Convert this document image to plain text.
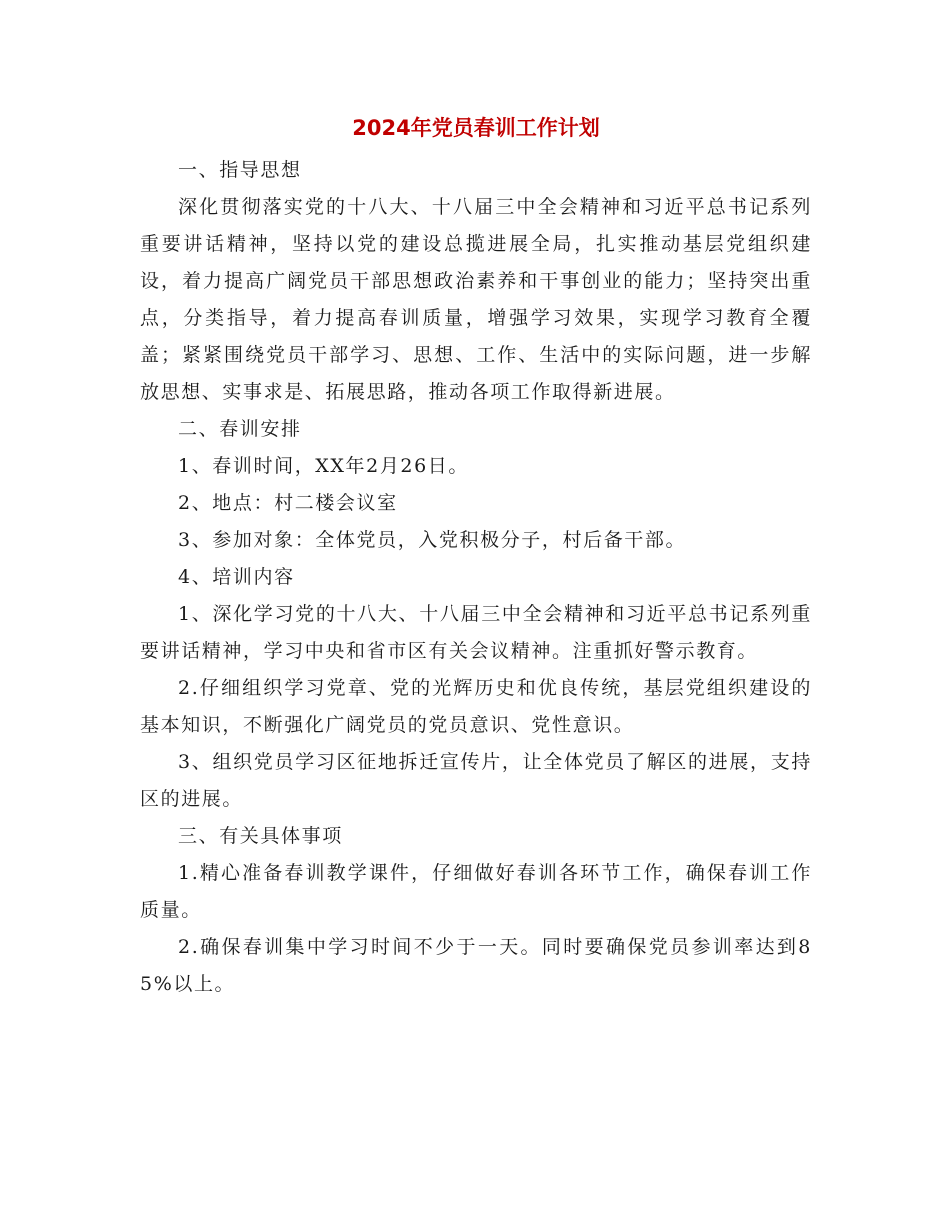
2024年党员春训工作计划

一、指导思想

深化贯彻落实党的十八大、十八届三中全会精神和习近平总书记系列重要讲话精神，坚持以党的建设总揽进展全局，扎实推动基层党组织建设，着力提高广阔党员干部思想政治素养和干事创业的能力；坚持突出重点，分类指导，着力提高春训质量，增强学习效果，实现学习教育全覆盖；紧紧围绕党员干部学习、思想、工作、生活中的实际问题，进一步解放思想、实事求是、拓展思路，推动各项工作取得新进展。

二、春训安排

1、春训时间，XX年2月26日。

2、地点：村二楼会议室

3、参加对象：全体党员，入党积极分子，村后备干部。

4、培训内容

1、深化学习党的十八大、十八届三中全会精神和习近平总书记系列重要讲话精神，学习中央和省市区有关会议精神。注重抓好警示教育。

2.仔细组织学习党章、党的光辉历史和优良传统，基层党组织建设的基本知识，不断强化广阔党员的党员意识、党性意识。

3、组织党员学习区征地拆迁宣传片，让全体党员了解区的进展，支持区的进展。

三、有关具体事项

1.精心准备春训教学课件，仔细做好春训各环节工作，确保春训工作质量。

2.确保春训集中学习时间不少于一天。同时要确保党员参训率达到85%以上。
